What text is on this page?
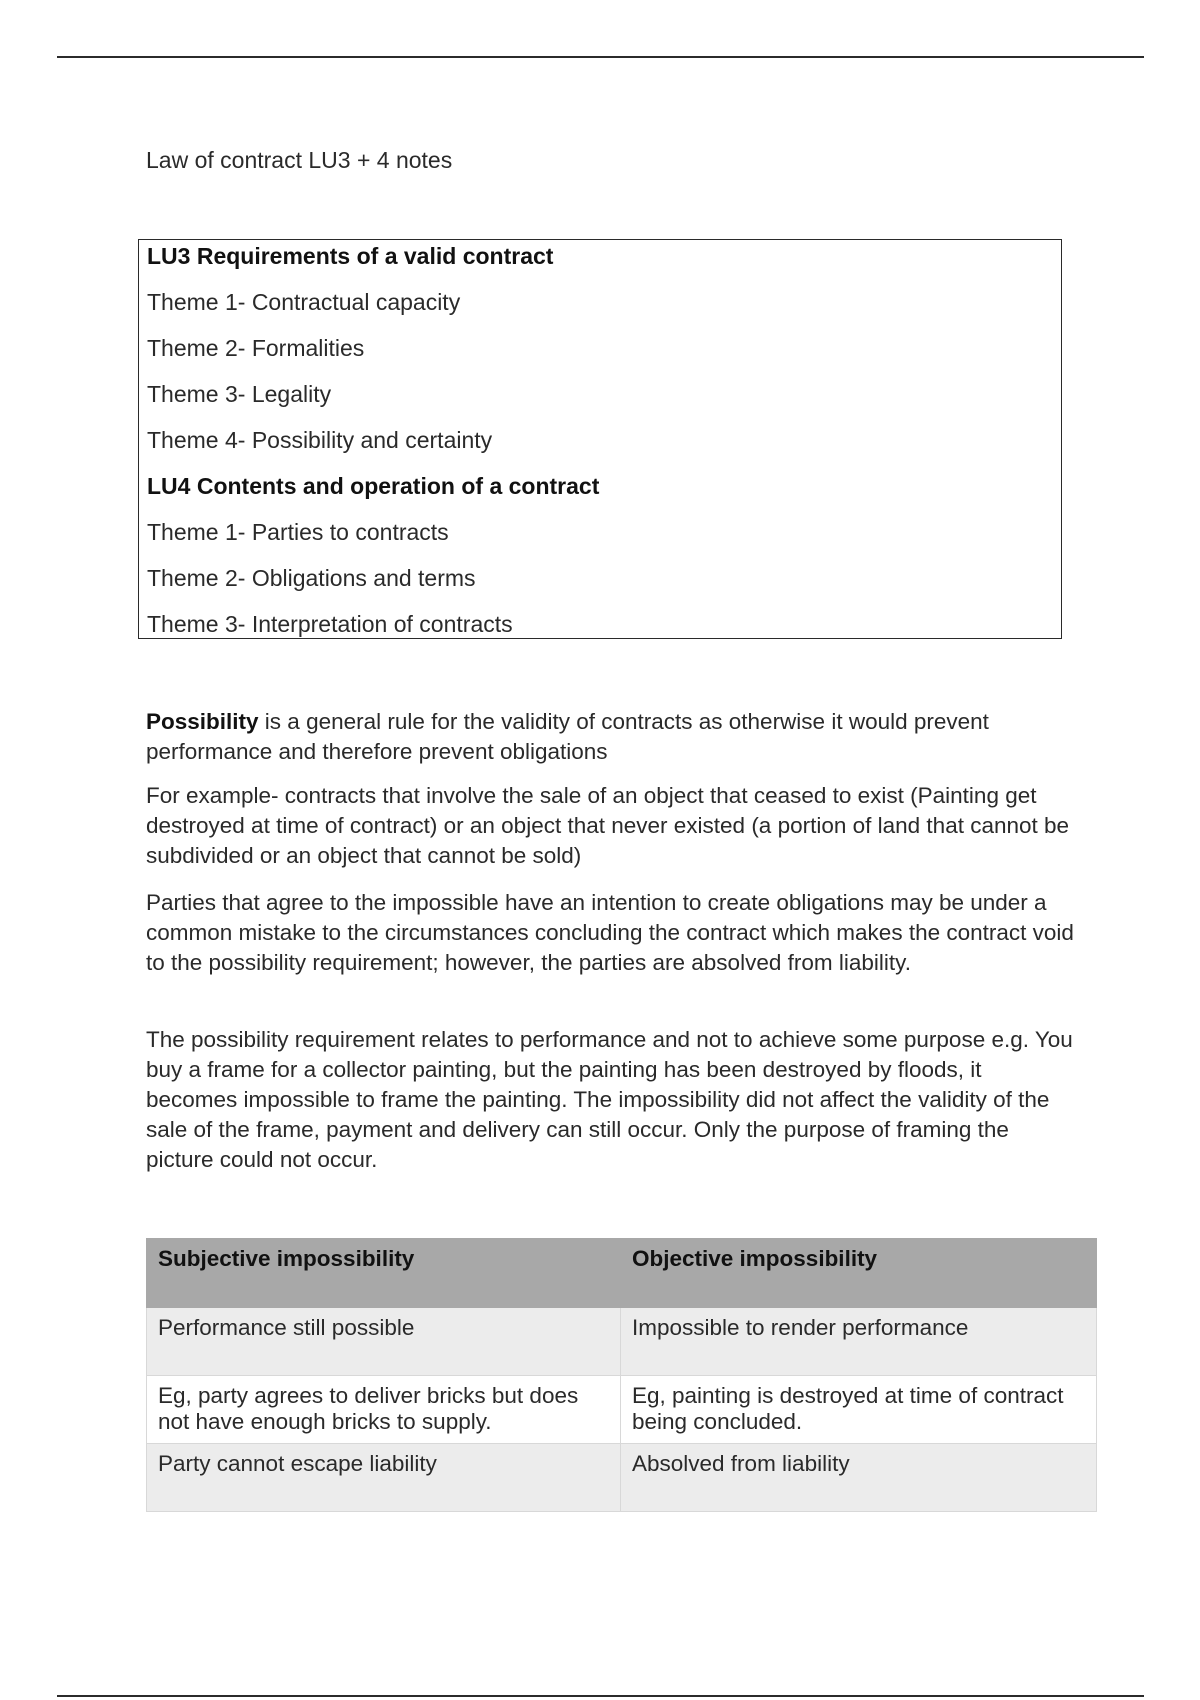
Law of contract LU3 + 4 notes
LU3 Requirements of a valid contract
Theme 1- Contractual capacity
Theme 2- Formalities
Theme 3- Legality
Theme 4- Possibility and certainty
LU4 Contents and operation of a contract
Theme 1- Parties to contracts
Theme 2- Obligations and terms
Theme 3- Interpretation of contracts
Possibility is a general rule for the validity of contracts as otherwise it would prevent performance and therefore prevent obligations
For example- contracts that involve the sale of an object that ceased to exist (Painting get destroyed at time of contract) or an object that never existed (a portion of land that cannot be subdivided or an object that cannot be sold)
Parties that agree to the impossible have an intention to create obligations may be under a common mistake to the circumstances concluding the contract which makes the contract void to the possibility requirement; however, the parties are absolved from liability.
The possibility requirement relates to performance and not to achieve some purpose e.g. You buy a frame for a collector painting, but the painting has been destroyed by floods, it becomes impossible to frame the painting. The impossibility did not affect the validity of the sale of the frame, payment and delivery can still occur. Only the purpose of framing the picture could not occur.
Subjective impossibility	Objective impossibility
Performance still possible	Impossible to render performance
Eg, party agrees to deliver bricks but does not have enough bricks to supply.	Eg, painting is destroyed at time of contract being concluded.
Party cannot escape liability	Absolved from liability
